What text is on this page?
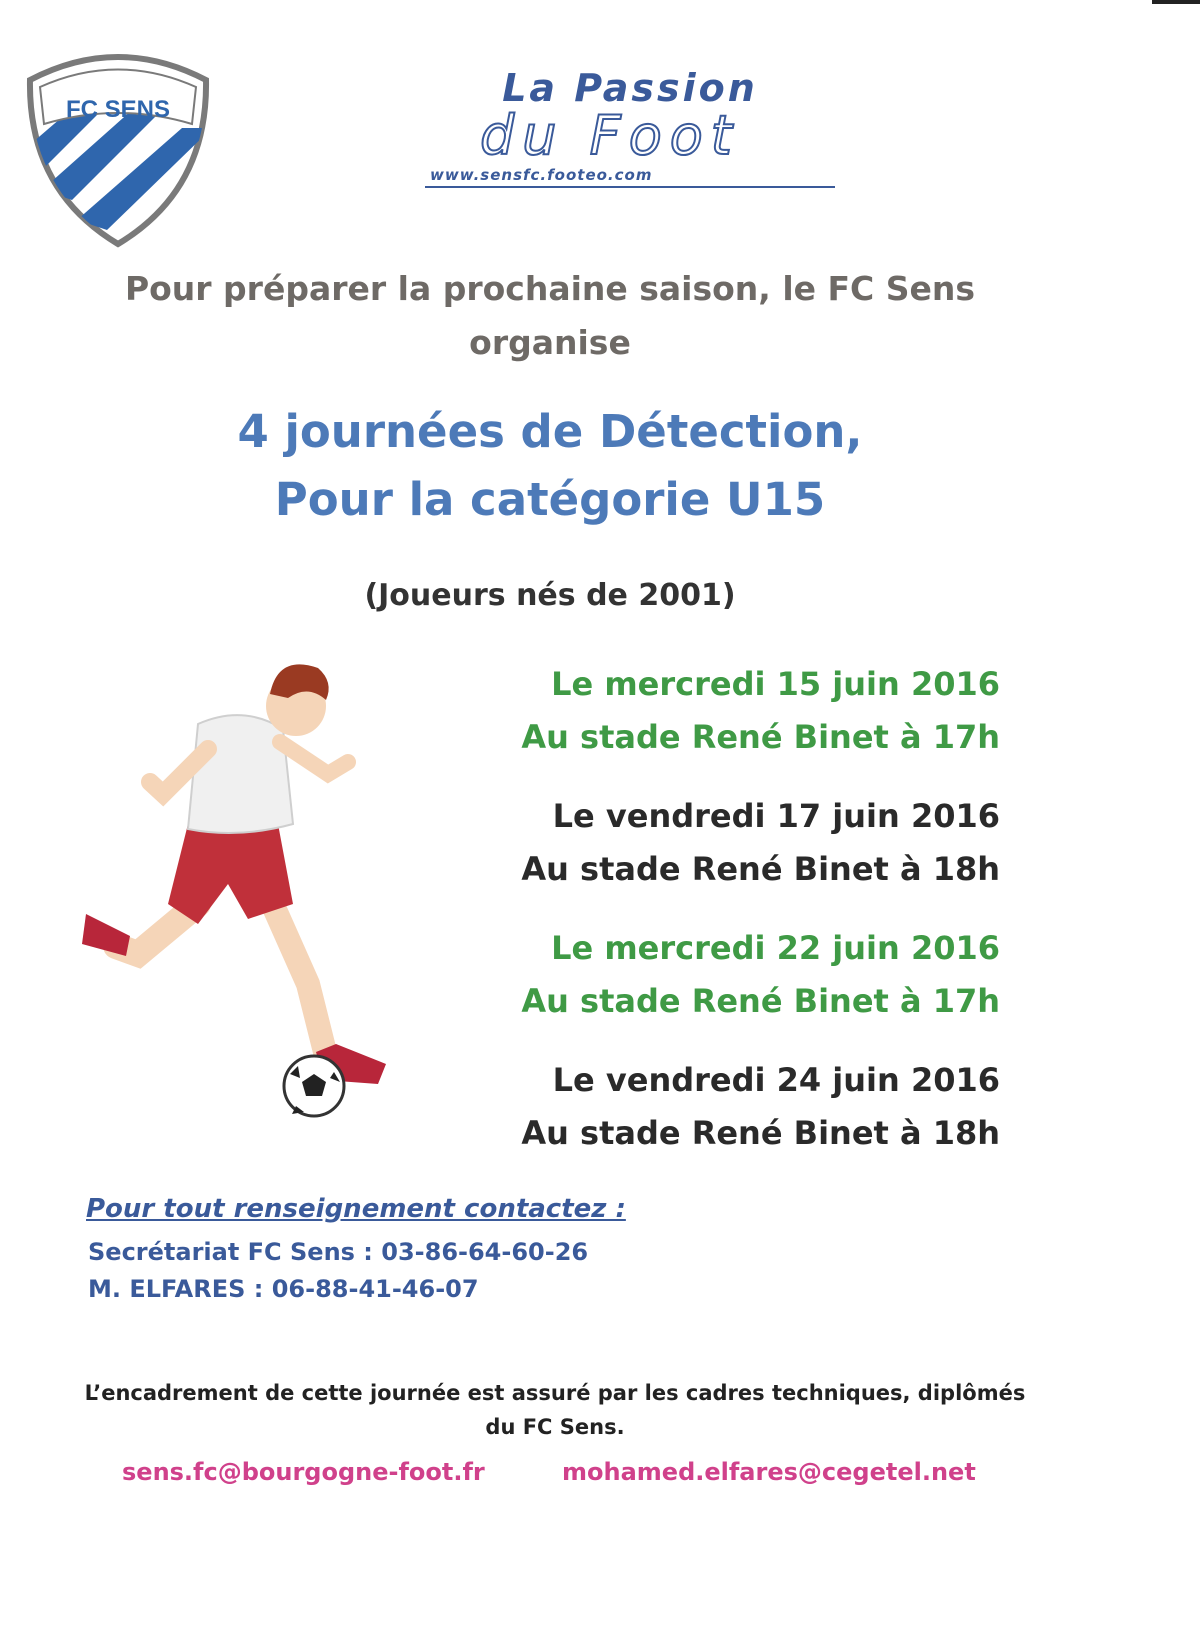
FC SENS	La Passion
du Foot
www.sensfc.footeo.com
Pour préparer la prochaine saison, le FC Sens
organise
4 journées de Détection,
Pour la catégorie U15
(Joueurs nés de 2001)
Le mercredi 15 juin 2016
Au stade René Binet à 17h
Le vendredi 17 juin 2016
Au stade René Binet à 18h
Le mercredi 22 juin 2016
Au stade René Binet à 17h
Le vendredi 24 juin 2016
Au stade René Binet à 18h
Pour tout renseignement contactez :
Secrétariat FC Sens : 03-86-64-60-26
M. ELFARES : 06-88-41-46-07
L’encadrement de cette journée est assuré par les cadres techniques, diplômés
du FC Sens.
sens.fc@bourgogne-foot.fr	mohamed.elfares@cegetel.net
